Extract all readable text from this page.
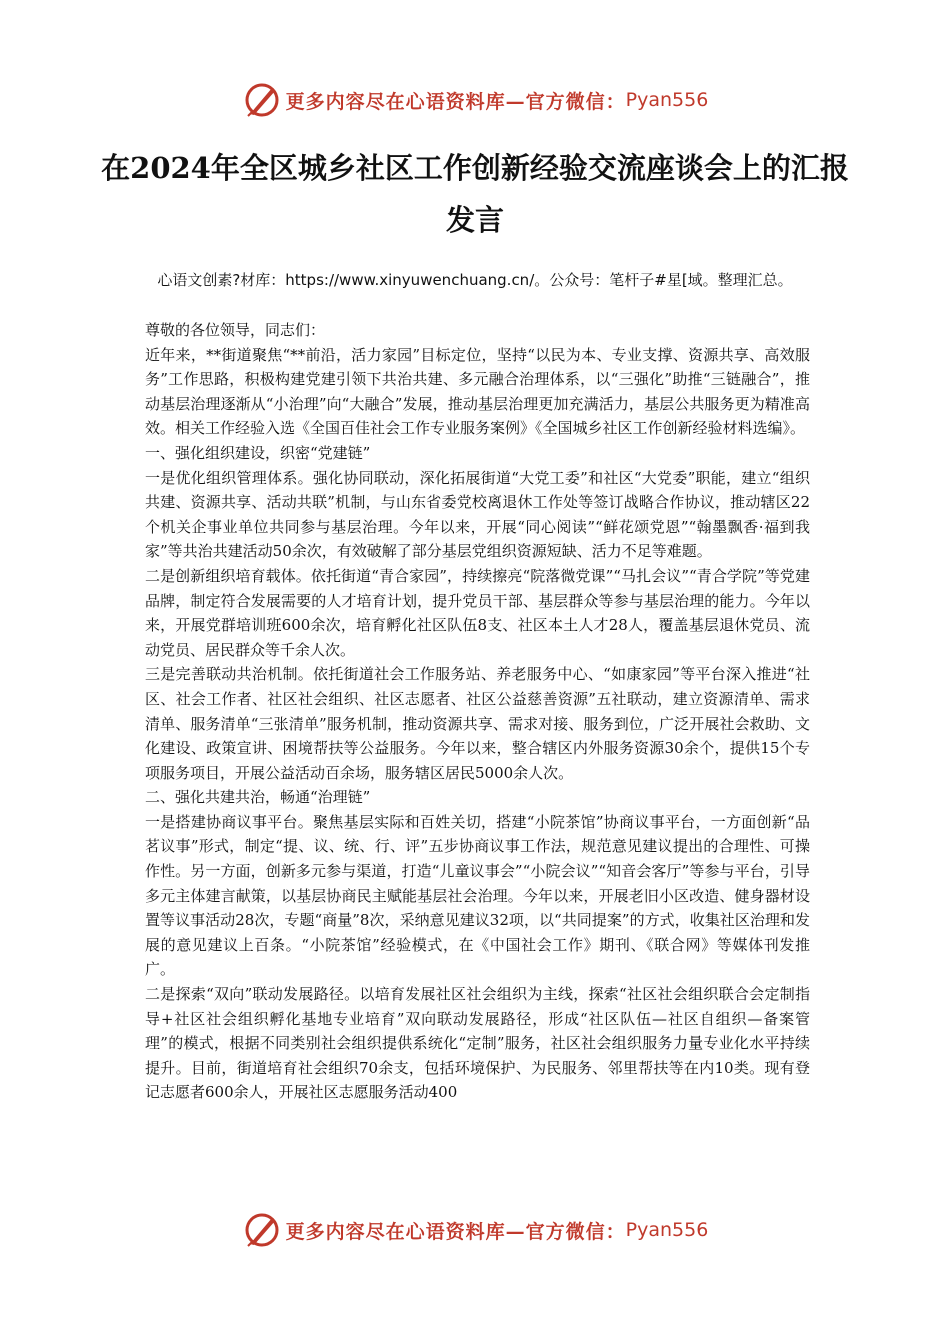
更多内容尽在心语资料库—官方微信： Pyan556
在2024年全区城乡社区工作创新经验交流座谈会上的汇报发言
心语文创素?材库：https://www.xinyuwenchuang.cn/。公众号：笔杆子#星[域。整理汇总。

尊敬的各位领导，同志们：

近年来，**街道聚焦“**前沿，活力家园”目标定位，坚持“以民为本、专业支撑、资源共享、高效服务”工作思路，积极构建党建引领下共治共建、多元融合治理体系，以“三强化”助推“三链融合”，推动基层治理逐渐从“小治理”向“大融合”发展，推动基层治理更加充满活力，基层公共服务更为精准高效。相关工作经验入选《全国百佳社会工作专业服务案例》《全国城乡社区工作创新经验材料选编》。

一、强化组织建设，织密“党建链”

一是优化组织管理体系。强化协同联动，深化拓展街道“大党工委”和社区“大党委”职能，建立“组织共建、资源共享、活动共联”机制，与山东省委党校离退休工作处等签订战略合作协议，推动辖区22个机关企事业单位共同参与基层治理。今年以来，开展“同心阅读”“鲜花颂党恩”“翰墨飘香·福到我家”等共治共建活动50余次，有效破解了部分基层党组织资源短缺、活力不足等难题。

二是创新组织培育载体。依托街道“青合家园”，持续擦亮“院落微党课”“马扎会议”“青合学院”等党建品牌，制定符合发展需要的人才培育计划，提升党员干部、基层群众等参与基层治理的能力。今年以来，开展党群培训班600余次，培育孵化社区队伍8支、社区本土人才28人，覆盖基层退休党员、流动党员、居民群众等千余人次。

三是完善联动共治机制。依托街道社会工作服务站、养老服务中心、“如康家园”等平台深入推进“社区、社会工作者、社区社会组织、社区志愿者、社区公益慈善资源”五社联动，建立资源清单、需求清单、服务清单“三张清单”服务机制，推动资源共享、需求对接、服务到位，广泛开展社会救助、文化建设、政策宣讲、困境帮扶等公益服务。今年以来，整合辖区内外服务资源30余个，提供15个专项服务项目，开展公益活动百余场，服务辖区居民5000余人次。

二、强化共建共治，畅通“治理链”

一是搭建协商议事平台。聚焦基层实际和百姓关切，搭建“小院茶馆”协商议事平台，一方面创新“品茗议事”形式，制定“提、议、统、行、评”五步协商议事工作法，规范意见建议提出的合理性、可操作性。另一方面，创新多元参与渠道，打造“儿童议事会”“小院会议”“知音会客厅”等参与平台，引导多元主体建言献策，以基层协商民主赋能基层社会治理。今年以来，开展老旧小区改造、健身器材设置等议事活动28次，专题“商量”8次，采纳意见建议32项，以“共同提案”的方式，收集社区治理和发展的意见建议上百条。“小院茶馆”经验模式，在《中国社会工作》期刊、《联合网》等媒体刊发推广。

二是探索“双向”联动发展路径。以培育发展社区社会组织为主线，探索“社区社会组织联合会定制指导+社区社会组织孵化基地专业培育”双向联动发展路径，形成“社区队伍—社区自组织—备案管理”的模式，根据不同类别社会组织提供系统化“定制”服务，社区社会组织服务力量专业化水平持续提升。目前，街道培育社会组织70余支，包括环境保护、为民服务、邻里帮扶等在内10类。现有登记志愿者600余人，开展社区志愿服务活动400

更多内容尽在心语资料库—官方微信： Pyan556
